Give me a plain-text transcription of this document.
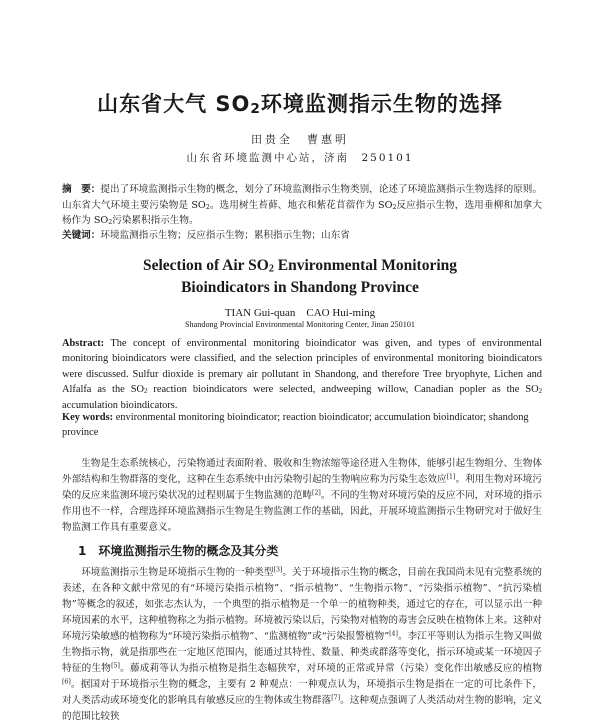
山东省大气 $SO_2$环境监测指示生物的选择
田贵全　曹惠明
山东省环境监测中心站，济南　250101
摘　要：提出了环境监测指示生物的概念，划分了环境监测指示生物类别，论述了环境监测指示生物选择的原则。山东省大气环境主要污染物是 $SO_2$。选用树生苔藓、地衣和紫花苜蓿作为 $SO_2$反应指示生物，选用垂柳和加拿大杨作为 $SO_2$污染累积指示生物。
关键词：环境监测指示生物；反应指示生物；累积指示生物；山东省
Selection of Air $SO_2$ Environmental Monitoring
Bioindicators in Shandong Province
TIAN Gui-quan　CAO Hui-ming
Shandong Provincial Environmental Monitoring Center, Jinan 250101
Abstract: The concept of environmental monitoring bioindicator was given, and types of environmental monitoring bioindicators were classified, and the selection principles of environmental monitoring bioindicators were discussed. Sulfur dioxide is premary air pollutant in Shandong, and therefore Tree bryophyte, Lichen and Alfalfa as the $SO_2$ reaction bioindicators were selected, andweeping willow, Canadian popler as the $SO_2$ accumulation bioindicators.
Key words: environmental monitoring bioindicator; reaction bioindicator; accumulation bioindicator; shandong province
生物是生态系统核心，污染物通过表面附着、吸收和生物浓缩等途径进入生物体，能够引起生物组分、生物体外部结构和生物群落的变化，这种在生态系统中由污染物引起的生物响应称为污染生态效应[1]。利用生物对环境污染的反应来监测环境污染状况的过程则属于生物监测的范畴[2]。不同的生物对环境污染的反应不同，对环境的指示作用也不一样，合理选择环境监测指示生物是生物监测工作的基础，因此，开展环境监测指示生物研究对于做好生物监测工作具有重要意义。
1  环境监测指示生物的概念及其分类
环境监测指示生物是环境指示生物的一种类型[3]。关于环境指示生物的概念，目前在我国尚未见有完整系统的表述，在各种文献中常见的有“环境污染指示植物”、“指示植物”、“生物指示物”、“污染指示植物”、“抗污染植物”等概念的叙述，如张志杰认为，一个典型的指示植物是一个单一的植物种类，通过它的存在，可以显示出一种环境因素的水平，这种植物称之为指示植物。环境被污染以后，污染物对植物的毒害会反映在植物体上来。这种对环境污染敏感的植物称为“环境污染指示植物”、“监测植物”或“污染报警植物”[4]。李江平等则认为指示生物又叫做生物指示物，就是指那些在一定地区范围内，能通过其特性、数量、种类或群落等变化，指示环境或某一环境因子特征的生物[5]。藤成莉等认为指示植物是指生态幅狭窄，对环境的正常或异常（污染）变化作出敏感反应的植物[6]。据国对于环境指示生物的概念，主要有 2 种观点：一种观点认为，环境指示生物是指在一定的可比条件下，对人类活动或环境变化的影响具有敏感反应的生物体或生物群落[7]。这种观点强调了人类活动对生物的影响，定义的范围比较狭
